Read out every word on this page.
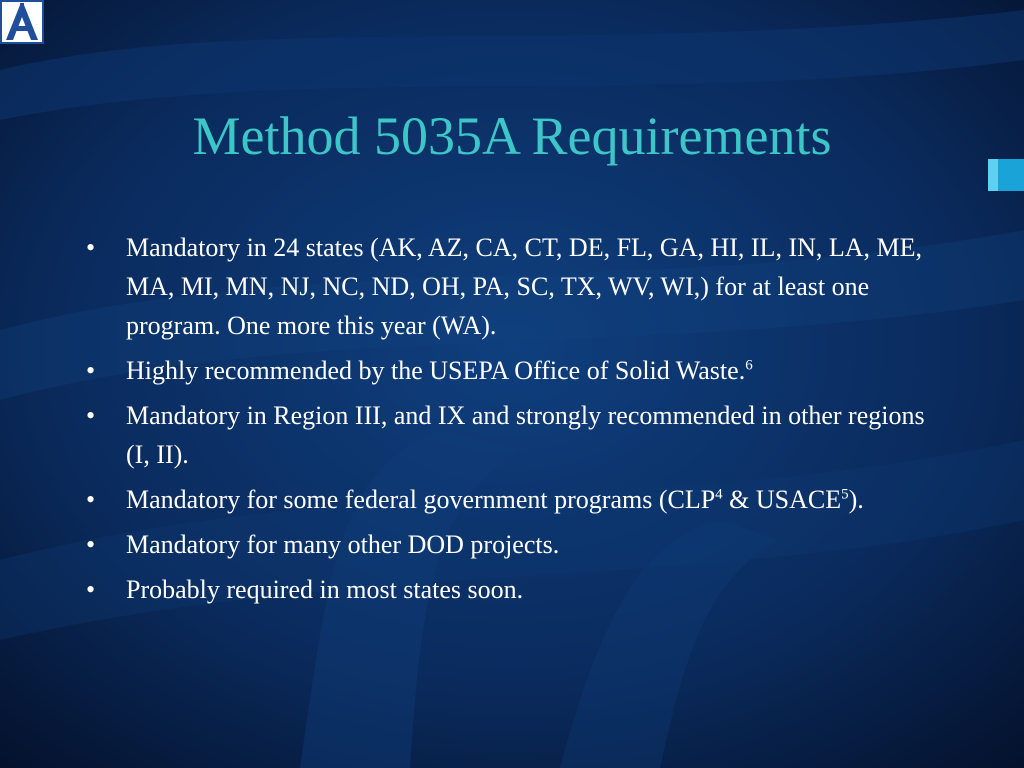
Method 5035A Requirements
• Mandatory in 24 states (AK, AZ, CA, CT, DE, FL, GA, HI, IL, IN, LA, ME, MA, MI, MN, NJ, NC, ND, OH, PA, SC, TX, WV, WI,) for at least one program. One more this year (WA).
• Highly recommended by the USEPA Office of Solid Waste.$^6$
• Mandatory in Region III, and IX and strongly recommended in other regions (I, II).
• Mandatory for some federal government programs (CLP$^4$ & USACE$^5$).
• Mandatory for many other DOD projects.
• Probably required in most states soon.
